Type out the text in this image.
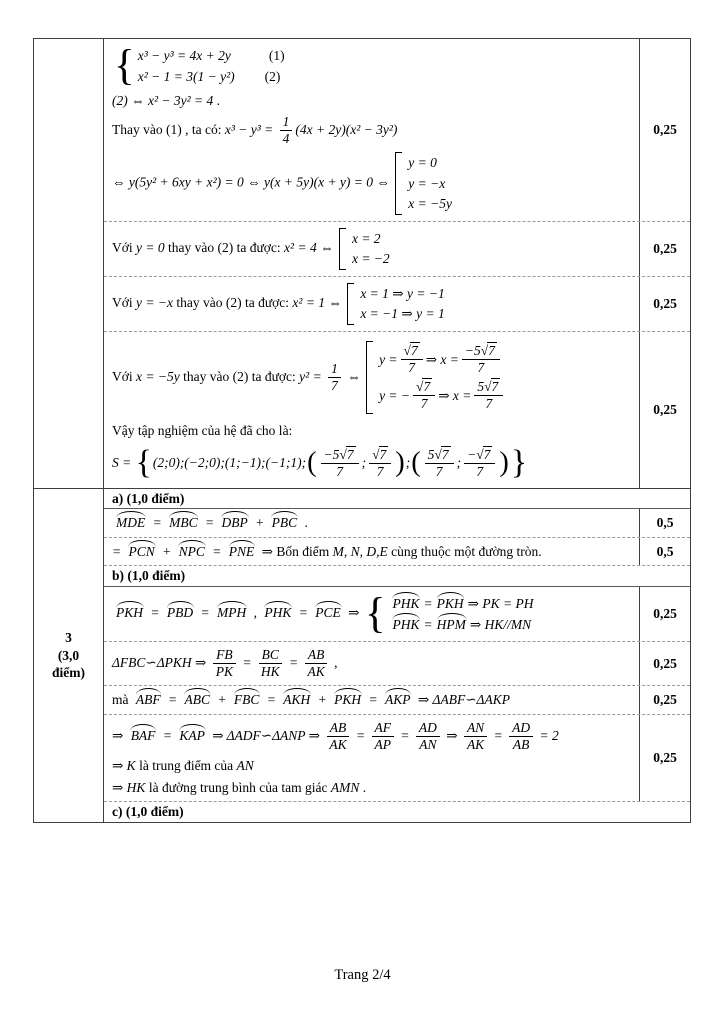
{ x³ − y³ = 4x + 2y	(1)
x² − 1 = 3(1 − y²) (2)
(2) ⇔ x² − 3y² = 4 .
Thay vào (1) , ta có: $x^3 - y^3 = \frac{1}{4} (4x + 2y)(x^2 - 3y^2)$
⇔ y(5y² + 6xy + x²) = 0 ⇔ y(x + 5y)(x + y) = 0 ⇔
y = 0
y = −x
x = −5y
0,25
Với y = 0 thay vào (2) ta được: x² = 4 ⇔
x = 2
x = −2
0,25
Với y = −x thay vào (2) ta được: x² = 1 ⇔
x = 1 ⇒ y = −1
x = −1 ⇒ y = 1
0,25
Với x = −5y thay vào (2) ta được: $y^2 = \frac{1}{7}$ ⇔
$y = \frac{√7}{7}$ ⇒ $x = \frac{-5 √7}{7}$
y = − $\frac{√7}{7}$ ⇒ $x = \frac{5 √7}{7}$
Vậy tập nghiệm của hệ đã cho là:
S = {(2;0);(−2;0);(1;−1);(−1;1);( $\frac{-5 √7}{7}$ ; $\frac{√7}{7}$ );( $\frac{5 √7}{7}$ ; $\frac{- √7}{7}$ )}
0,25
3
(3,0
điểm)
a) (1,0 điểm)
MDE = MBC = DBP + PBC .	0,5
= PCN + NPC = PNE ⇒ Bốn điểm M, N, D,E cùng thuộc một đường tròn.	0,5
b) (1,0 điểm)
PKH = PBD = MPH , PHK = PCE ⇒ { PHK = PKH ⇒ PK = PH
PHK = HPM ⇒ HK//MN
0,25
ΔFBC∽ΔPKH ⇒ $\frac{FB}{PK} = \frac{BC}{HK} = \frac{AB}{AK}$ ,	0,25
mà ABF = ABC + FBC = AKH + PKH = AKP ⇒ ΔABF∽ΔAKP	0,25
⇒ BAF = KAP ⇒ ΔADF∽ΔANP ⇒ $\frac{AB}{AK} = \frac{AF}{AP} = \frac{AD}{AN}$ ⇒ $\frac{AN}{AK} = \frac{AD}{AB} = 2$
⇒ K là trung điểm của AN
⇒ HK là đường trung bình của tam giác AMN .
0,25
c) (1,0 điểm)
Trang 2/4
